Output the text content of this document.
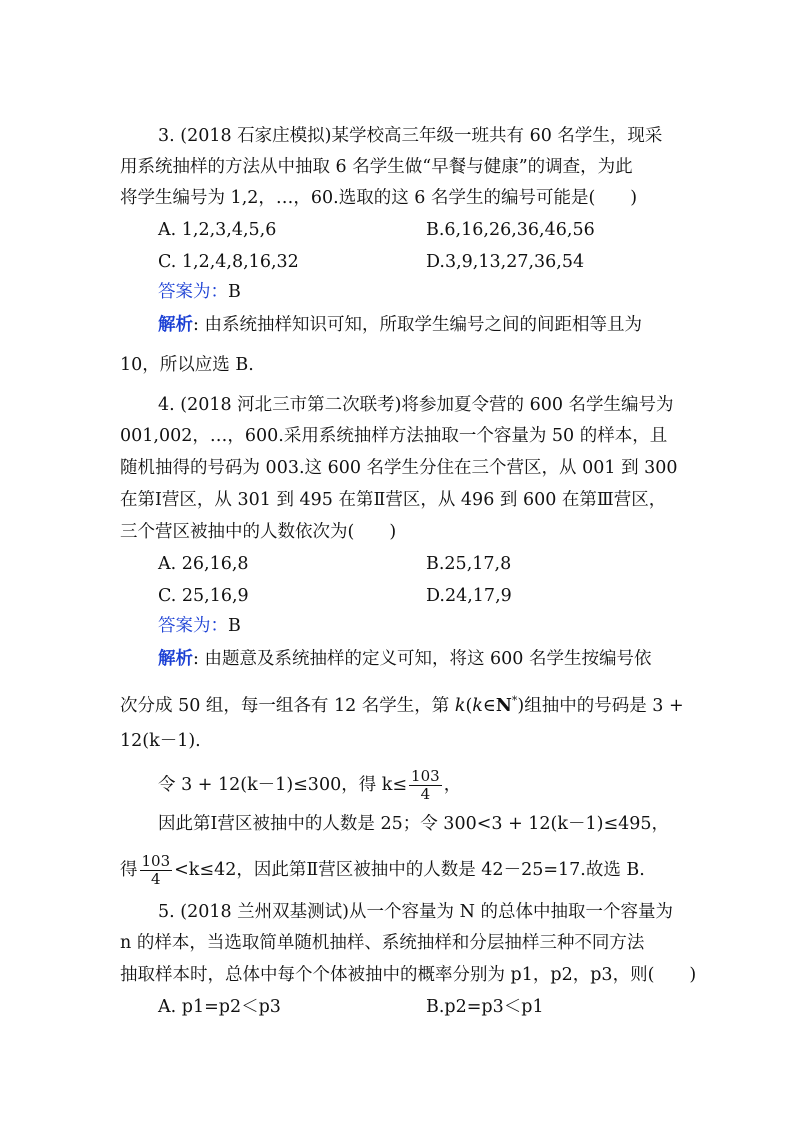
3. (2018 石家庄模拟)某学校高三年级一班共有 60 名学生，现采
用系统抽样的方法从中抽取 6 名学生做“早餐与健康”的调查，为此
将学生编号为 1,2，…，60.选取的这 6 名学生的编号可能是(　　)
A. 1,2,3,4,5,6	B.6,16,26,36,46,56
C. 1,2,4,8,16,32	D.3,9,13,27,36,54
答案为：B
解析: 由系统抽样知识可知，所取学生编号之间的间距相等且为
10，所以应选 B.
4. (2018 河北三市第二次联考)将参加夏令营的 600 名学生编号为
001,002，…，600.采用系统抽样方法抽取一个容量为 50 的样本，且
随机抽得的号码为 003.这 600 名学生分住在三个营区，从 001 到 300
在第Ⅰ营区，从 301 到 495 在第Ⅱ营区，从 496 到 600 在第Ⅲ营区，
三个营区被抽中的人数依次为(　　)
A. 26,16,8	B.25,17,8
C. 25,16,9	D.24,17,9
答案为：B
解析: 由题意及系统抽样的定义可知，将这 600 名学生按编号依
次分成 50 组，每一组各有 12 名学生，第 k(k∈N*)组抽中的号码是 3 +
12(k－1).
令 3 + 12(k－1)≤300，得 $k\le \frac{103}{4}$ ，
因此第Ⅰ营区被抽中的人数是 25；令 300<3 + 12(k－1)≤495，
得 $\frac{103}{4} <k\le 42$，因此第Ⅱ营区被抽中的人数是 42－25=17.故选 B.
5. (2018 兰州双基测试)从一个容量为 N 的总体中抽取一个容量为
n 的样本，当选取简单随机抽样、系统抽样和分层抽样三种不同方法
抽取样本时，总体中每个个体被抽中的概率分别为 p1，p2，p3，则(　　)
A. p1=p2＜p3	B.p2=p3＜p1
